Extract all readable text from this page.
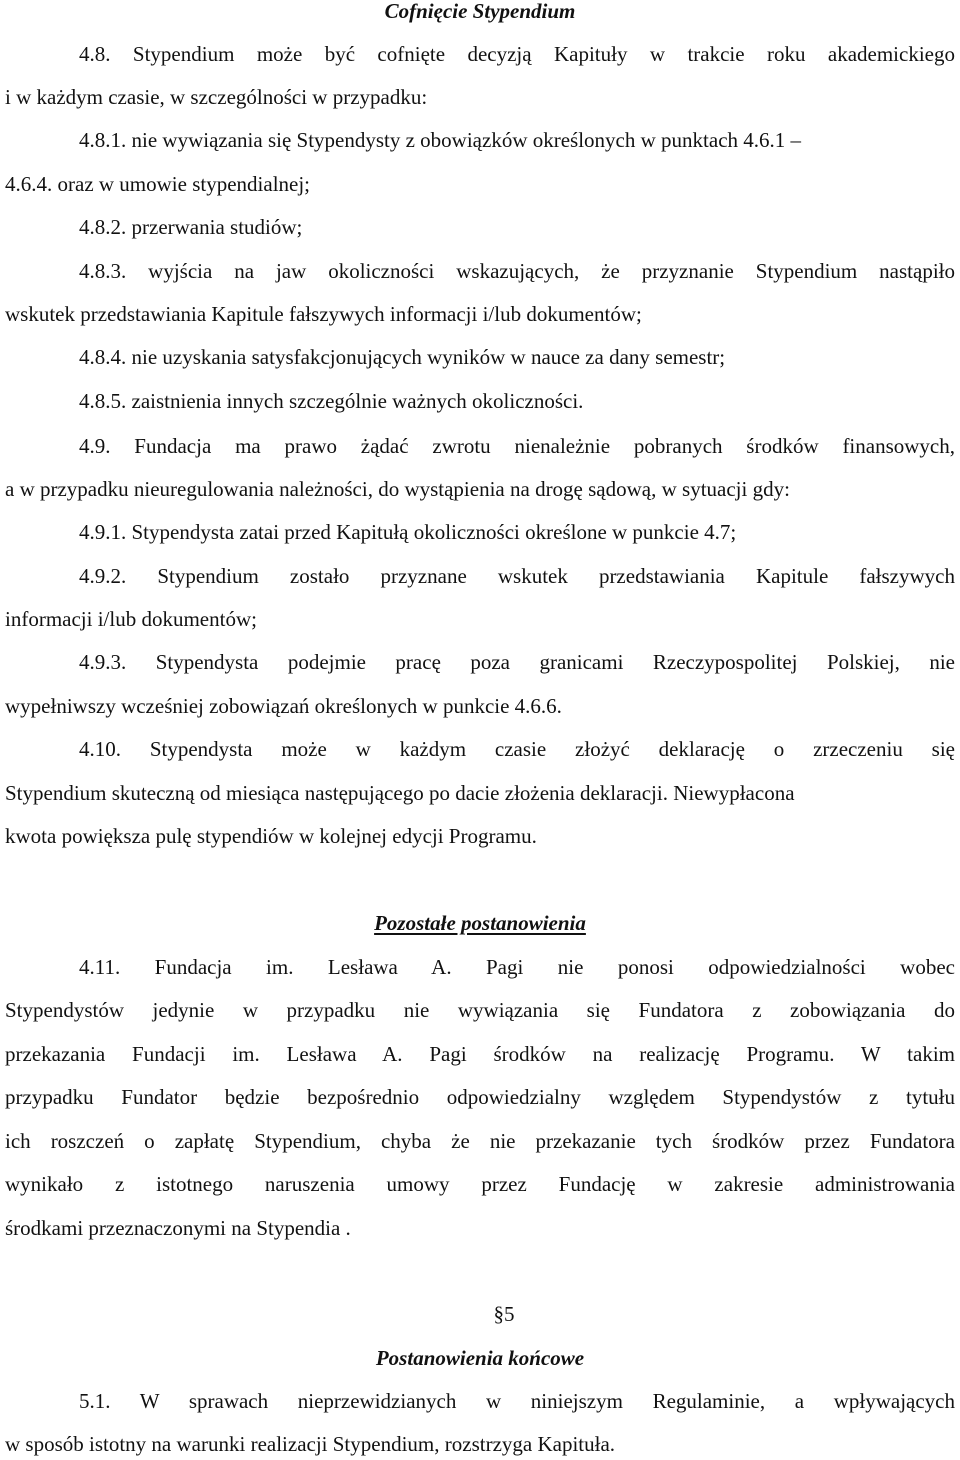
Cofnięcie Stypendium
4.8. Stypendium może być cofnięte decyzją Kapituły w trakcie roku akademickiego
i w każdym czasie, w szczególności w przypadku:
4.8.1. nie wywiązania się Stypendysty z obowiązków określonych w punktach 4.6.1 –
4.6.4. oraz w umowie stypendialnej;
4.8.2. przerwania studiów;
4.8.3. wyjścia na jaw okoliczności wskazujących, że przyznanie Stypendium nastąpiło
wskutek przedstawiania Kapitule fałszywych informacji i/lub dokumentów;
4.8.4. nie uzyskania satysfakcjonujących wyników w nauce za dany semestr;
4.8.5. zaistnienia innych szczególnie ważnych okoliczności.
4.9. Fundacja ma prawo żądać zwrotu nienależnie pobranych środków finansowych,
a w przypadku nieuregulowania należności, do wystąpienia na drogę sądową, w sytuacji gdy:
4.9.1. Stypendysta zatai przed Kapitułą okoliczności określone w punkcie 4.7;
4.9.2. Stypendium zostało przyznane wskutek przedstawiania Kapitule fałszywych
informacji i/lub dokumentów;
4.9.3. Stypendysta podejmie pracę poza granicami Rzeczypospolitej Polskiej, nie
wypełniwszy wcześniej zobowiązań określonych w punkcie 4.6.6.
4.10. Stypendysta może w każdym czasie złożyć deklarację o zrzeczeniu się
Stypendium skuteczną od miesiąca następującego po dacie złożenia deklaracji. Niewypłacona
kwota powiększa pulę stypendiów w kolejnej edycji Programu.
Pozostałe postanowienia
4.11. Fundacja im. Lesława A. Pagi nie ponosi odpowiedzialności wobec
Stypendystów jedynie w przypadku nie wywiązania się Fundatora z zobowiązania do
przekazania Fundacji im. Lesława A. Pagi środków na realizację Programu. W takim
przypadku Fundator będzie bezpośrednio odpowiedzialny względem Stypendystów z tytułu
ich roszczeń o zapłatę Stypendium, chyba że nie przekazanie tych środków przez Fundatora
wynikało z istotnego naruszenia umowy przez Fundację w zakresie administrowania
środkami przeznaczonymi na Stypendia .
§5
Postanowienia końcowe
5.1. W sprawach nieprzewidzianych w niniejszym Regulaminie, a wpływających
w sposób istotny na warunki realizacji Stypendium, rozstrzyga Kapituła.
